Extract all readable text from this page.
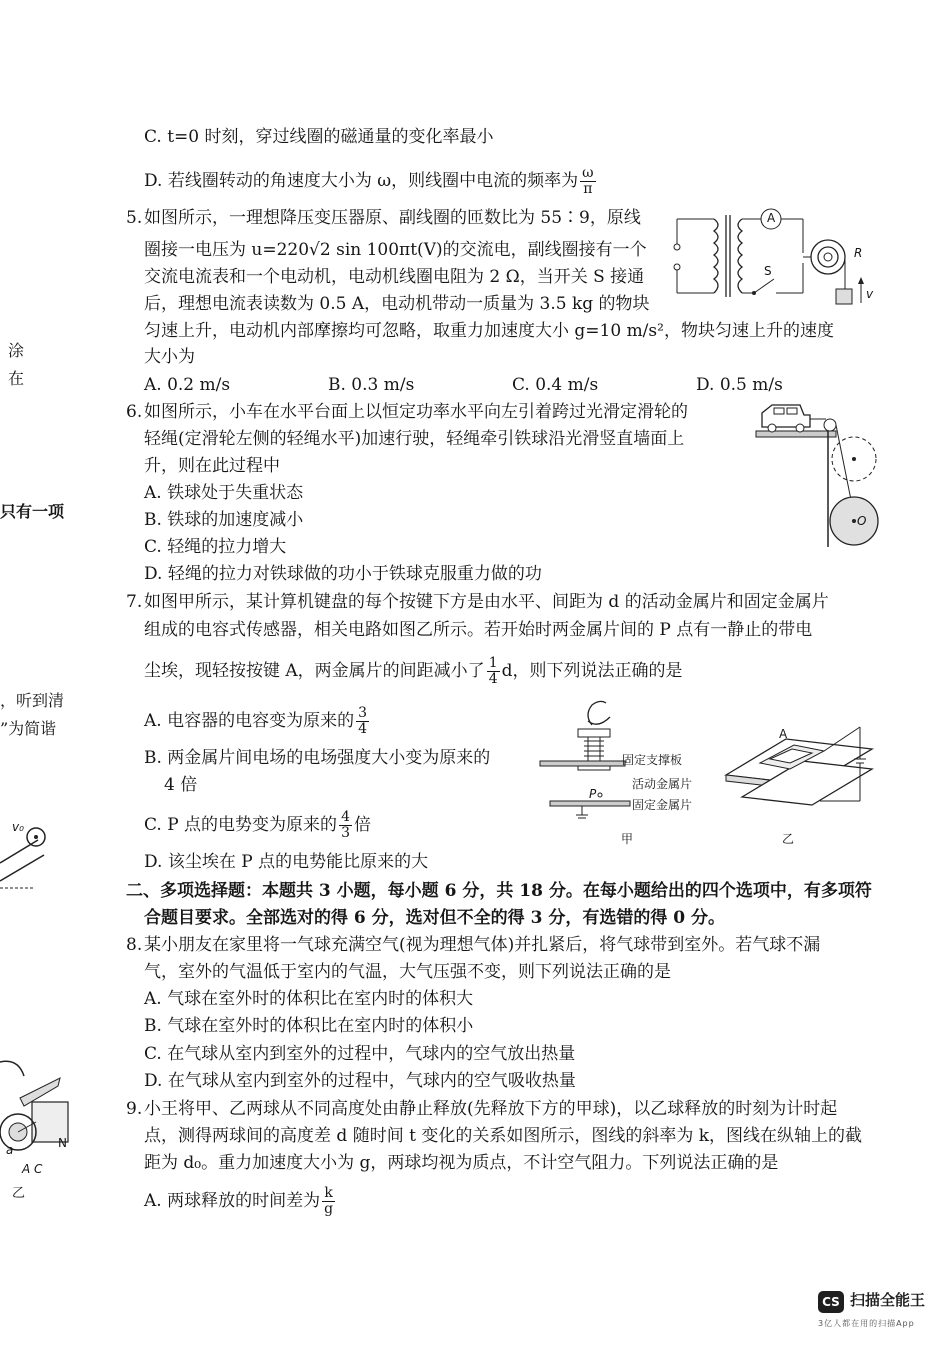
涂
在
只有一项
，听到清
”为简谐
v₀
N
a
A C
乙
C. t=0 时刻，穿过线圈的磁通量的变化率最小
D. 若线圈转动的角速度大小为 ω，则线圈中电流的频率为 $\frac{\omega}{\pi}$
5. 如图所示，一理想降压变压器原、副线圈的匝数比为 55∶9，原线
圈接一电压为 u=220√2 sin 100πt(V)的交流电，副线圈接有一个
交流电流表和一个电动机，电动机线圈电阻为 2 Ω，当开关 S 接通
后，理想电流表读数为 0.5 A，电动机带动一质量为 3.5 kg 的物块
匀速上升，电动机内部摩擦均可忽略，取重力加速度大小 g=10 m/s²，物块匀速上升的速度
大小为
A. 0.2 m/s	B. 0.3 m/s	C. 0.4 m/s	D. 0.5 m/s
A
S
R
v
6. 如图所示，小车在水平台面上以恒定功率水平向左引着跨过光滑定滑轮的
轻绳(定滑轮左侧的轻绳水平)加速行驶，轻绳牵引铁球沿光滑竖直墙面上
升，则在此过程中
A. 铁球处于失重状态
B. 铁球的加速度减小
C. 轻绳的拉力增大
D. 轻绳的拉力对铁球做的功小于铁球克服重力做的功
O
7. 如图甲所示，某计算机键盘的每个按键下方是由水平、间距为 d 的活动金属片和固定金属片
组成的电容式传感器，相关电路如图乙所示。若开始时两金属片间的 P 点有一静止的带电
尘埃，现轻按按键 A，两金属片的间距减小了 $\frac{1}{4}$ d，则下列说法正确的是
A. 电容器的电容变为原来的 $\frac{3}{4}$
B. 两金属片间电场的电场强度大小变为原来的
4 倍
C. P 点的电势变为原来的 $\frac{4}{3}$ 倍
D. 该尘埃在 P 点的电势能比原来的大
固定支撑板
活动金属片
固定金属片
P
甲
A
乙
二、多项选择题：本题共 3 小题，每小题 6 分，共 18 分。在每小题给出的四个选项中，有多项符
合题目要求。全部选对的得 6 分，选对但不全的得 3 分，有选错的得 0 分。
8. 某小朋友在家里将一气球充满空气(视为理想气体)并扎紧后，将气球带到室外。若气球不漏
气，室外的气温低于室内的气温，大气压强不变，则下列说法正确的是
A. 气球在室外时的体积比在室内时的体积大
B. 气球在室外时的体积比在室内时的体积小
C. 在气球从室内到室外的过程中，气球内的空气放出热量
D. 在气球从室内到室外的过程中，气球内的空气吸收热量
9. 小王将甲、乙两球从不同高度处由静止释放(先释放下方的甲球)，以乙球释放的时刻为计时起
点，测得两球间的高度差 d 随时间 t 变化的关系如图所示，图线的斜率为 k，图线在纵轴上的截
距为 d₀。重力加速度大小为 g，两球均视为质点，不计空气阻力。下列说法正确的是
A. 两球释放的时间差为 $\frac{k}{g}$
CS 扫描全能王
3亿人都在用的扫描App
